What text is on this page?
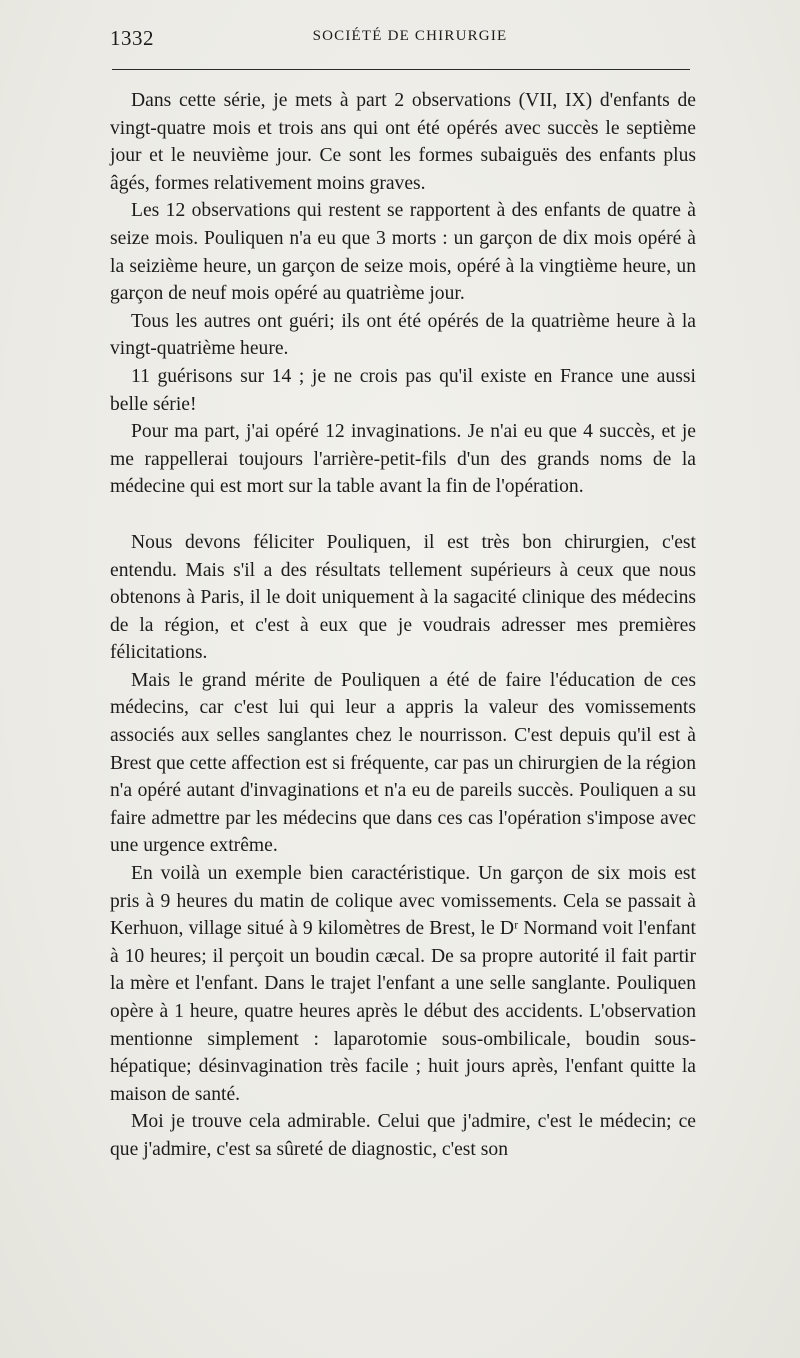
1332	SOCIÉTÉ DE CHIRURGIE

Dans cette série, je mets à part 2 observations (VII, IX) d'enfants de vingt-quatre mois et trois ans qui ont été opérés avec succès le septième jour et le neuvième jour. Ce sont les formes subaiguës des enfants plus âgés, formes relativement moins graves.

Les 12 observations qui restent se rapportent à des enfants de quatre à seize mois. Pouliquen n'a eu que 3 morts : un garçon de dix mois opéré à la seizième heure, un garçon de seize mois, opéré à la vingtième heure, un garçon de neuf mois opéré au quatrième jour.

Tous les autres ont guéri; ils ont été opérés de la quatrième heure à la vingt-quatrième heure.

11 guérisons sur 14 ; je ne crois pas qu'il existe en France une aussi belle série!

Pour ma part, j'ai opéré 12 invaginations. Je n'ai eu que 4 succès, et je me rappellerai toujours l'arrière-petit-fils d'un des grands noms de la médecine qui est mort sur la table avant la fin de l'opération.

Nous devons féliciter Pouliquen, il est très bon chirurgien, c'est entendu. Mais s'il a des résultats tellement supérieurs à ceux que nous obtenons à Paris, il le doit uniquement à la sagacité clinique des médecins de la région, et c'est à eux que je voudrais adresser mes premières félicitations.

Mais le grand mérite de Pouliquen a été de faire l'éducation de ces médecins, car c'est lui qui leur a appris la valeur des vomissements associés aux selles sanglantes chez le nourrisson. C'est depuis qu'il est à Brest que cette affection est si fréquente, car pas un chirurgien de la région n'a opéré autant d'invaginations et n'a eu de pareils succès. Pouliquen a su faire admettre par les médecins que dans ces cas l'opération s'impose avec une urgence extrême.

En voilà un exemple bien caractéristique. Un garçon de six mois est pris à 9 heures du matin de colique avec vomissements. Cela se passait à Kerhuon, village situé à 9 kilomètres de Brest, le Dʳ Normand voit l'enfant à 10 heures; il perçoit un boudin cæcal. De sa propre autorité il fait partir la mère et l'enfant. Dans le trajet l'enfant a une selle sanglante. Pouliquen opère à 1 heure, quatre heures après le début des accidents. L'observation mentionne simplement : laparotomie sous-ombilicale, boudin sous-hépatique; désinvagination très facile ; huit jours après, l'enfant quitte la maison de santé.

Moi je trouve cela admirable. Celui que j'admire, c'est le médecin; ce que j'admire, c'est sa sûreté de diagnostic, c'est son
